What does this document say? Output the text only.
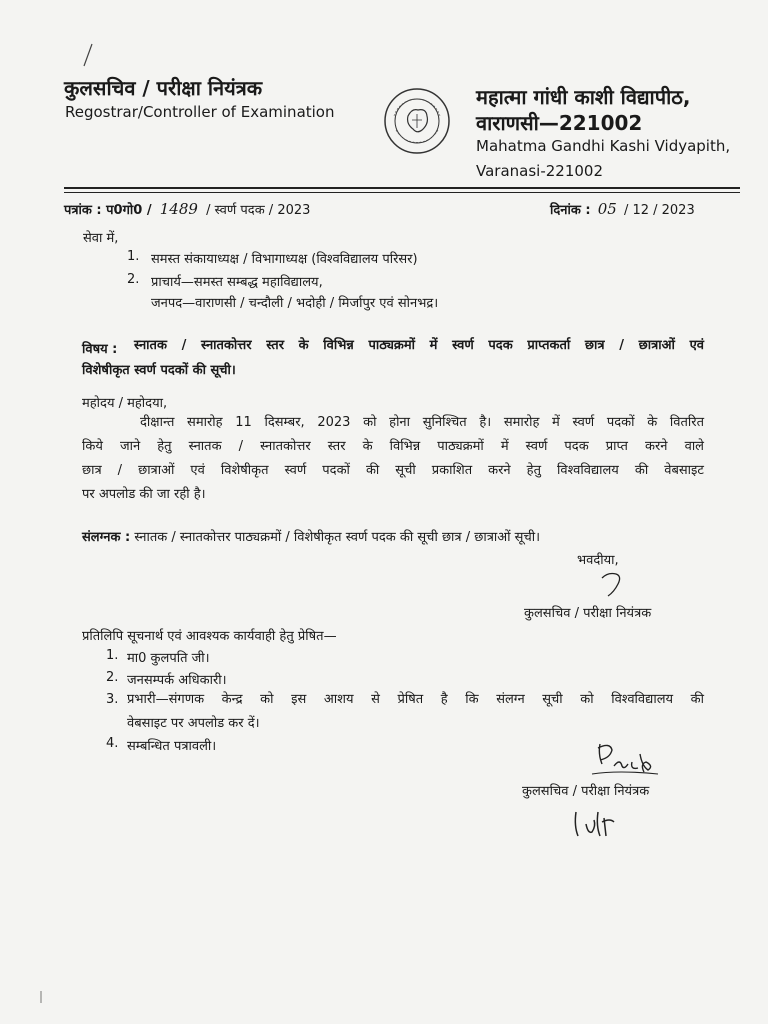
कुलसचिव / परीक्षा नियंत्रक
Regostrar/Controller of Examination
महात्मा गांधी काशी विद्यापीठ,
वाराणसी—221002
Mahatma Gandhi Kashi Vidyapith,
Varanasi-221002
पत्रांक : प0गो0 / 1489 / स्वर्ण पदक / 2023	दिनांक : 05 / 12 / 2023
सेवा में,
1. समस्त संकायाध्यक्ष / विभागाध्यक्ष (विश्वविद्यालय परिसर)
2. प्राचार्य—समस्त सम्बद्ध महाविद्यालय,
जनपद—वाराणसी / चन्दौली / भदोही / मिर्जापुर एवं सोनभद्र।
विषय : स्नातक / स्नातकोत्तर स्तर के विभिन्न पाठ्यक्रमों में स्वर्ण पदक प्राप्तकर्ता छात्र / छात्राओं एवं
विशेषीकृत स्वर्ण पदकों की सूची।
महोदय / महोदया,
दीक्षान्त समारोह 11 दिसम्बर, 2023 को होना सुनिश्चित है। समारोह में स्वर्ण पदकों के वितरित
किये जाने हेतु स्नातक / स्नातकोत्तर स्तर के विभिन्न पाठ्यक्रमों में स्वर्ण पदक प्राप्त करने वाले
छात्र / छात्राओं एवं विशेषीकृत स्वर्ण पदकों की सूची प्रकाशित करने हेतु विश्वविद्यालय की वेबसाइट
पर अपलोड की जा रही है।
संलग्नक : स्नातक / स्नातकोत्तर पाठ्यक्रमों / विशेषीकृत स्वर्ण पदक की सूची छात्र / छात्राओं सूची।
भवदीया,
कुलसचिव / परीक्षा नियंत्रक
प्रतिलिपि सूचनार्थ एवं आवश्यक कार्यवाही हेतु प्रेषित—
1. मा0 कुलपति जी।
2. जनसम्पर्क अधिकारी।
3. प्रभारी—संगणक केन्द्र को इस आशय से प्रेषित है कि संलग्न सूची को विश्वविद्यालय की
वेबसाइट पर अपलोड कर दें।
4. सम्बन्धित पत्रावली।
कुलसचिव / परीक्षा नियंत्रक
